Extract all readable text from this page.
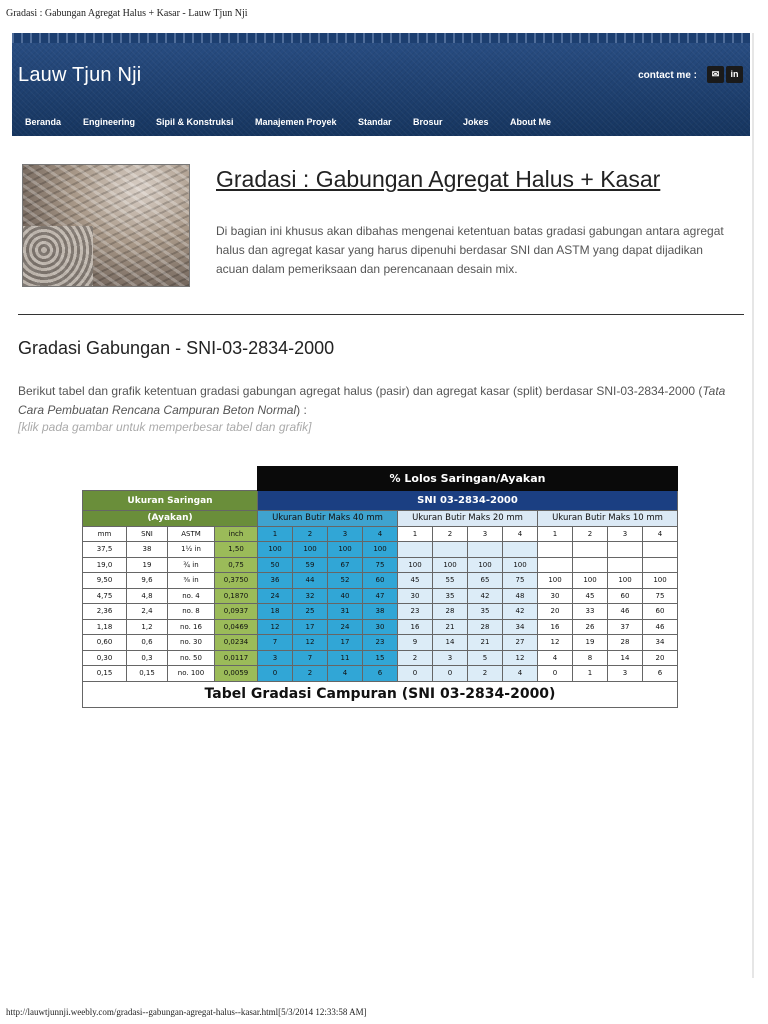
Gradasi : Gabungan Agregat Halus + Kasar - Lauw Tjun Nji
Lauw Tjun Nji	contact me :	✉	in
Beranda Engineering Sipil & Konstruksi Manajemen Proyek Standar Brosur Jokes About Me
Gradasi : Gabungan Agregat Halus + Kasar
Di bagian ini khusus akan dibahas mengenai ketentuan batas gradasi gabungan antara agregat halus dan agregat kasar yang harus dipenuhi berdasar SNI dan ASTM yang dapat dijadikan acuan dalam pemeriksaan dan perencanaan desain mix.
Gradasi Gabungan - SNI-03-2834-2000
Berikut tabel dan grafik ketentuan gradasi gabungan agregat halus (pasir) dan agregat kasar (split) berdasar SNI-03-2834-2000 (Tata Cara Pembuatan Rencana Campuran Beton Normal) :
[klik pada gambar untuk memperbesar tabel dan grafik]
				% Lolos Saringan/Ayakan											
Ukuran Saringan				SNI 03-2834-2000											
(Ayakan)				Ukuran Butir Maks 40 mm				Ukuran Butir Maks 20 mm				Ukuran Butir Maks 10 mm			
mm	SNI	ASTM	inch	1	2	3	4	1	2	3	4	1	2	3	4
37,5	38	1½ in	1,50	100	100	100	100								
19,0	19	¾ in	0,75	50	59	67	75	100	100	100	100				
9,50	9,6	⅜ in	0,3750	36	44	52	60	45	55	65	75	100	100	100	100
4,75	4,8	no. 4	0,1870	24	32	40	47	30	35	42	48	30	45	60	75
2,36	2,4	no. 8	0,0937	18	25	31	38	23	28	35	42	20	33	46	60
1,18	1,2	no. 16	0,0469	12	17	24	30	16	21	28	34	16	26	37	46
0,60	0,6	no. 30	0,0234	7	12	17	23	9	14	21	27	12	19	28	34
0,30	0,3	no. 50	0,0117	3	7	11	15	2	3	5	12	4	8	14	20
0,15	0,15	no. 100	0,0059	0	2	4	6	0	0	2	4	0	1	3	6
Tabel Gradasi Campuran (SNI 03-2834-2000)															
http://lauwtjunnji.weebly.com/gradasi--gabungan-agregat-halus--kasar.html[5/3/2014 12:33:58 AM]
